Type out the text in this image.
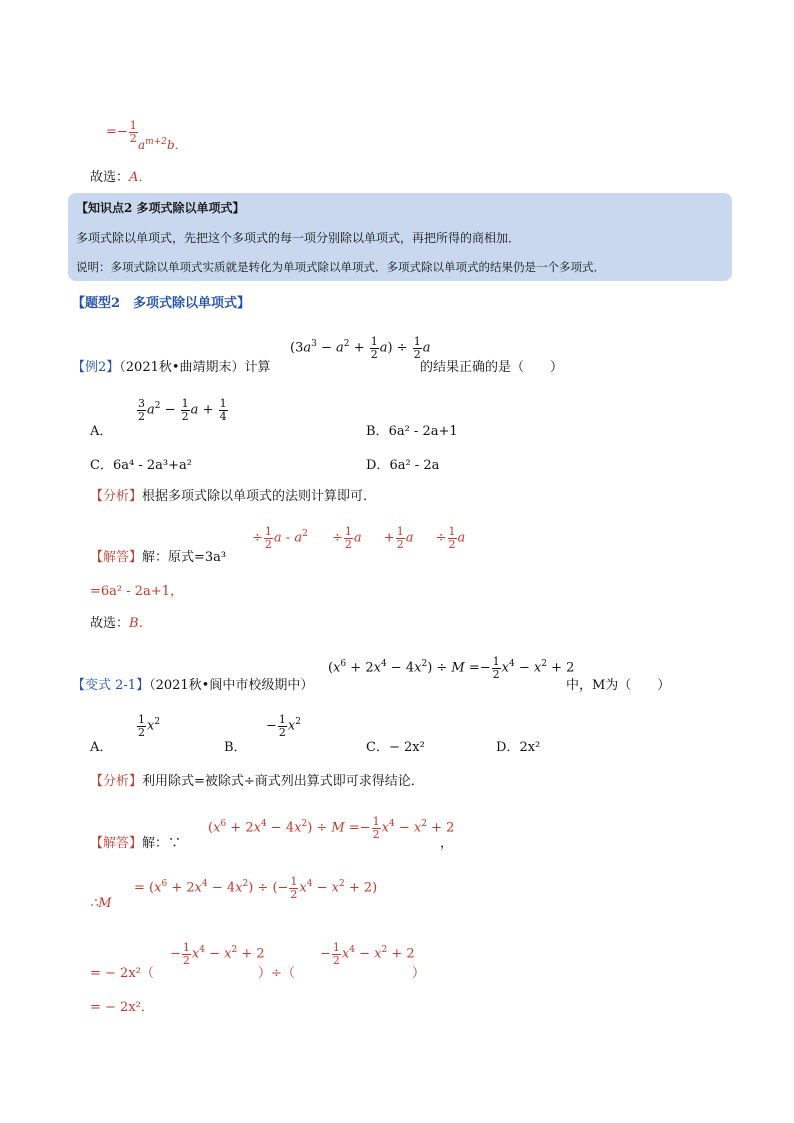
=− $\frac{1}{2}$
$a^{m+2}b$．
故选：A．
【知识点2 多项式除以单项式】
多项式除以单项式，先把这个多项式的每一项分别除以单项式，再把所得的商相加．
说明：多项式除以单项式实质就是转化为单项式除以单项式．多项式除以单项式的结果仍是一个多项式．
【题型2　多项式除以单项式】
$(3a^3 - a^2 + \frac{1}{2} a) \div \frac{1}{2}$ a
【例2】（2021秋•曲靖期末）计算	的结果正确的是（　　）
$\frac{3}{2} a^2 - \frac{1}{2}$ $a + \frac{1}{4}$
A．	B．6a² - 2a+1
C．6a⁴ - 2a³+a²	D．6a² - 2a
【分析】根据多项式除以单项式的法则计算即可．
÷ $\frac{1}{2}$ $a - a^2 \div \frac{1}{2}$ $a + \frac{1}{2}$ $a \div \frac{1}{2}$ a
【解答】解：原式=3a³
=6a² - 2a+1，
故选：B．
$(x^6 + 2x^4 - 4x^2) \div M =- \frac{1}{2} x^4 - x^2 + 2$
【变式 2-1】（2021秋•阆中市校级期中）	中，M为（　　）
$\frac{1}{2} x^2$	− $\frac{1}{2} x^2$
A．	B．	C．− 2x²	D．2x²
【分析】利用除式=被除式÷商式列出算式即可求得结论．
【解答】解：∵
$(x^6 + 2x^4 - 4x^2) \div M =- \frac{1}{2} x^4 - x^2 + 2$
，
= $(x^6 + 2x^4 - 4x^2)$ ÷ (− $\frac{1}{2} x^4 - x^2 + 2$)
∴M
− $\frac{1}{2} x^4 - x^2 + 2$	− $\frac{1}{2} x^4 - x^2 + 2$
= − 2x²（	）÷（	）
= − 2x²．
